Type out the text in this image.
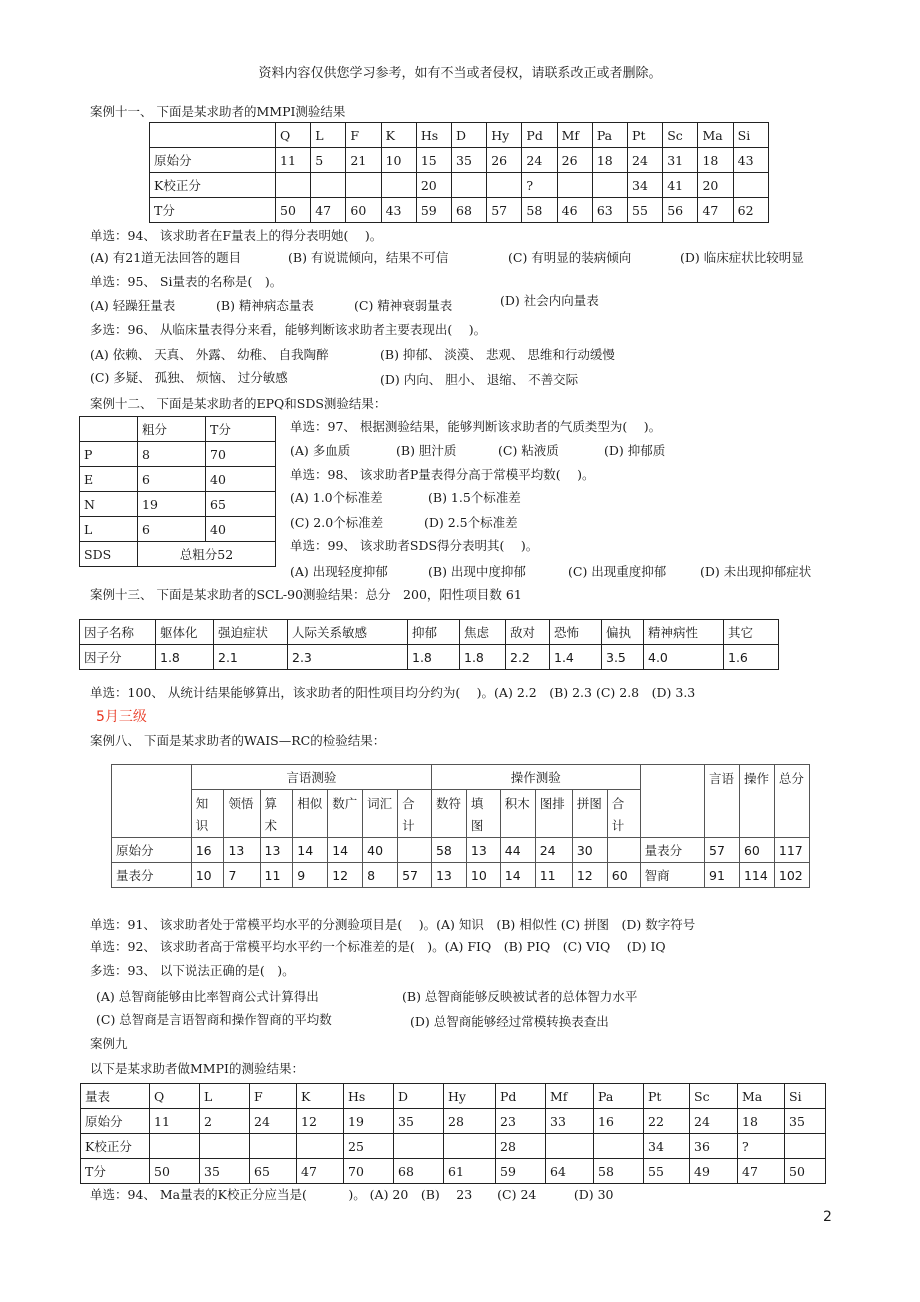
资料内容仅供您学习参考，如有不当或者侵权，请联系改正或者删除。
案例十一、 下面是某求助者的MMPI测验结果
	Q	L	F	K	Hs	D	Hy	Pd	Mf	Pa	Pt	Sc	Ma	Si
原始分	11	5	21	10	15	35	26	24	26	18	24	31	18	43
K校正分					20			?			34	41	20	
T分	50	47	60	43	59	68	57	58	46	63	55	56	47	62
单选：94、 该求助者在F量表上的得分表明她(　 )。
(A) 有21道无法回答的题目	(B) 有说谎倾向，结果不可信	(C) 有明显的装病倾向	(D) 临床症状比较明显
单选：95、 Si量表的名称是(　)。
(A) 轻躁狂量表	(B) 精神病态量表	(C) 精神衰弱量表	(D) 社会内向量表
多选：96、 从临床量表得分来看，能够判断该求助者主要表现出(　 )。
(A) 依赖、 天真、 外露、 幼稚、 自我陶醉	(B) 抑郁、 淡漠、 悲观、 思维和行动缓慢
(C) 多疑、 孤独、 烦恼、 过分敏感	(D) 内向、 胆小、 退缩、 不善交际
案例十二、 下面是某求助者的EPQ和SDS测验结果：
	粗分	T分
P	8	70
E	6	40
N	19	65
L	6	40
SDS	总粗分52	
单选：97、 根据测验结果，能够判断该求助者的气质类型为(　 )。
(A) 多血质	(B) 胆汁质	(C) 粘液质	(D) 抑郁质
单选：98、 该求助者P量表得分高于常模平均数(　 )。
(A) 1.0个标准差	(B) 1.5个标准差
(C) 2.0个标准差	(D) 2.5个标准差
单选：99、 该求助者SDS得分表明其(　 )。
(A) 出现轻度抑郁	(B) 出现中度抑郁	(C) 出现重度抑郁	(D) 未出现抑郁症状
案例十三、 下面是某求助者的SCL-90测验结果：总分　200，阳性项目数 61
因子名称	躯体化	强迫症状	人际关系敏感	抑郁	焦虑	敌对	恐怖	偏执	精神病性	其它
因子分	1.8	2.1	2.3	1.8	1.8	2.2	1.4	3.5	4.0	1.6
单选：100、 从统计结果能够算出，该求助者的阳性项目均分约为(　 )。(A) 2.2　(B) 2.3 (C) 2.8　(D) 3.3
5月三级
案例八、 下面是某求助者的WAIS—RC的检验结果：
	言语测验							操作测验							言语	操作	总分
	知识	领悟	算术	相似	数广	词汇	合计	数符	填图	积木	图排	拼图	合计				
原始分	16	13	13	14	14	40		58	13	44	24	30		量表分	57	60	117
量表分	10	7	11	9	12	8	57	13	10	14	11	12	60	智商	91	114	102
单选：91、 该求助者处于常模平均水平的分测验项目是(　 )。(A) 知识　(B) 相似性 (C) 拼图　(D) 数字符号
单选：92、 该求助者高于常模平均水平约一个标准差的是(　)。(A) FIQ　(B) PIQ　(C) VIQ　 (D) IQ
多选：93、 以下说法正确的是(　)。
(A) 总智商能够由比率智商公式计算得出	(B) 总智商能够反映被试者的总体智力水平
(C) 总智商是言语智商和操作智商的平均数	(D) 总智商能够经过常模转换表查出
案例九
以下是某求助者做MMPI的测验结果：
量表	Q	L	F	K	Hs	D	Hy	Pd	Mf	Pa	Pt	Sc	Ma	Si
原始分	11	2	24	12	19	35	28	23	33	16	22	24	18	35
K校正分					25			28			34	36	?	
T分	50	35	65	47	70	68	61	59	64	58	55	49	47	50
单选：94、 Ma量表的K校正分应当是(　　　 )。 (A) 20　(B)　 23　　(C) 24　　　(D) 30
2
